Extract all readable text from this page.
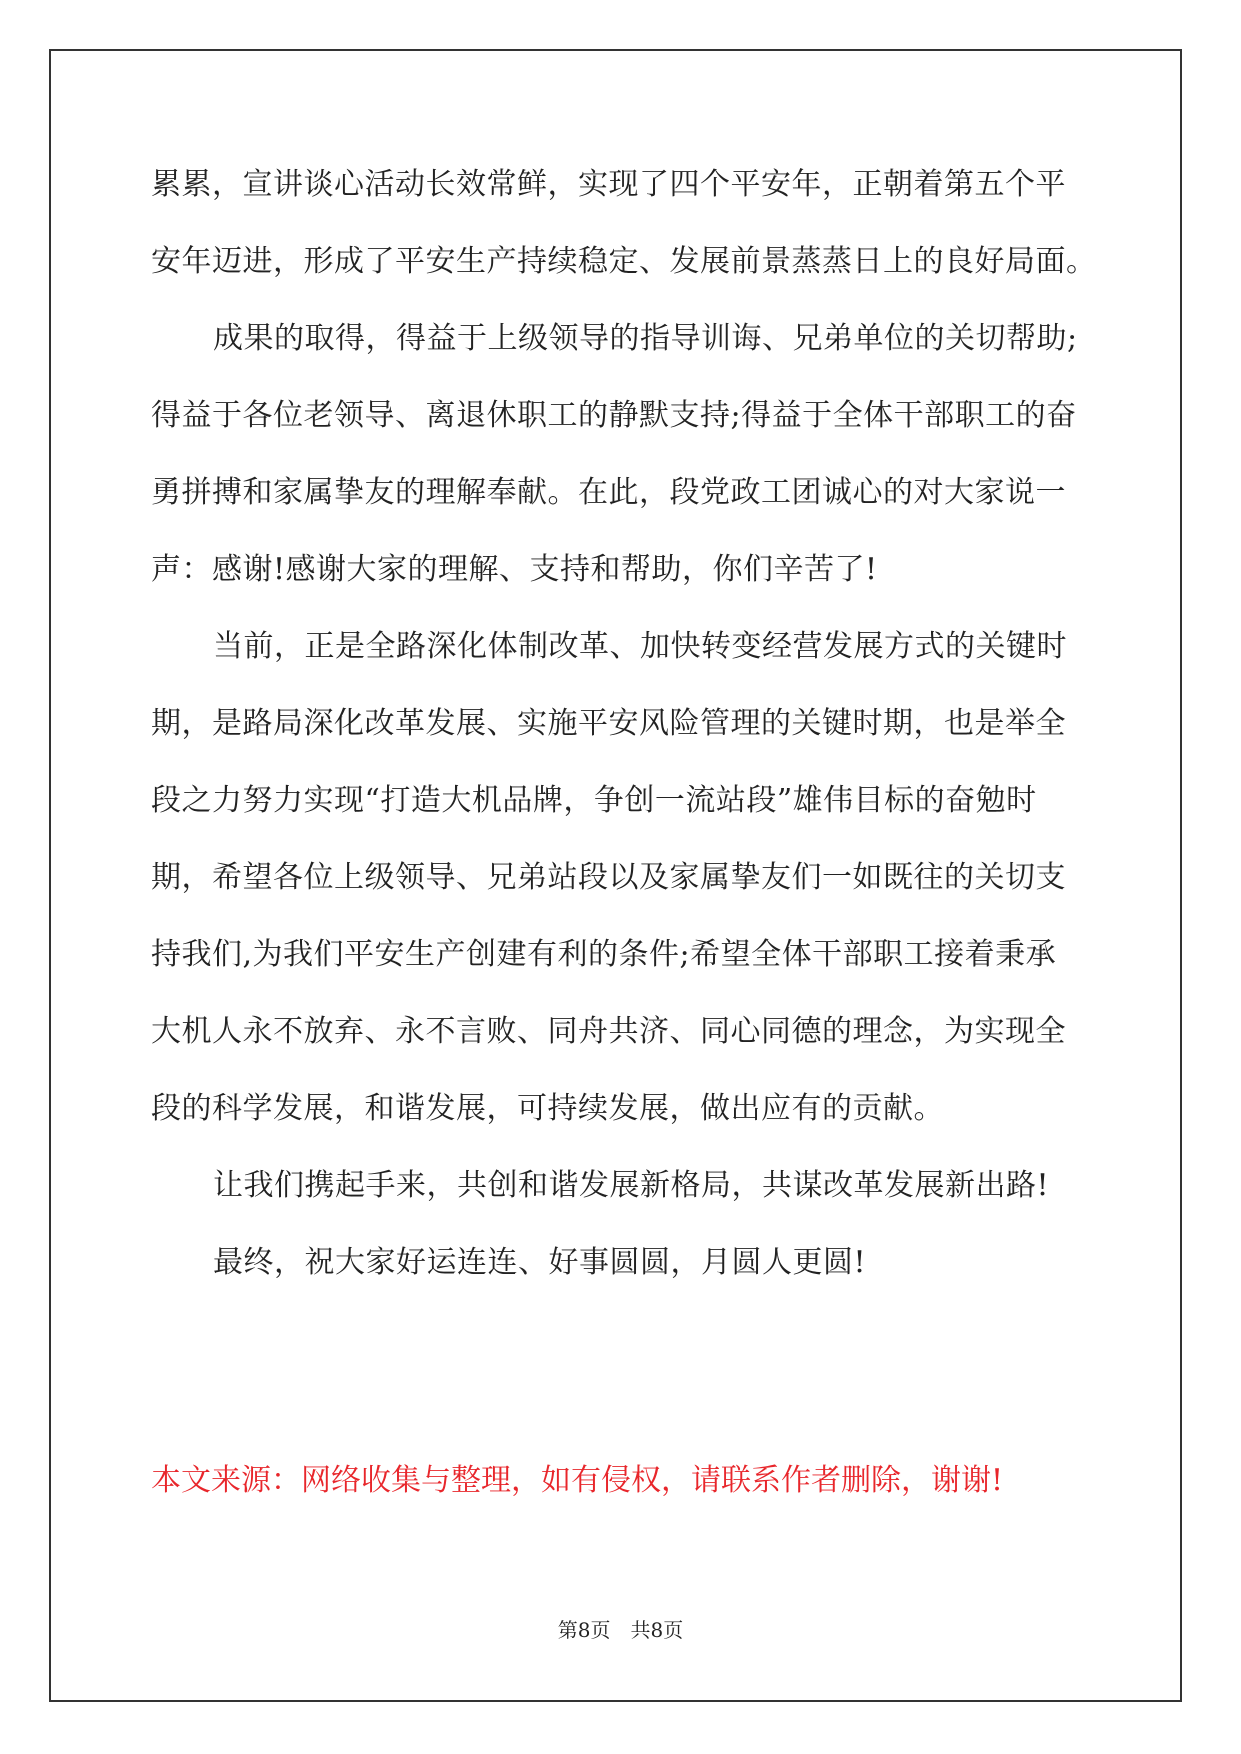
累累，宣讲谈心活动长效常鲜，实现了四个平安年，正朝着第五个平
安年迈进，形成了平安生产持续稳定、发展前景蒸蒸日上的良好局面。
成果的取得，得益于上级领导的指导训诲、兄弟单位的关切帮助;
得益于各位老领导、离退休职工的静默支持;得益于全体干部职工的奋
勇拼搏和家属挚友的理解奉献。在此，段党政工团诚心的对大家说一
声：感谢!感谢大家的理解、支持和帮助，你们辛苦了!
当前，正是全路深化体制改革、加快转变经营发展方式的关键时
期，是路局深化改革发展、实施平安风险管理的关键时期，也是举全
段之力努力实现“打造大机品牌，争创一流站段”雄伟目标的奋勉时
期，希望各位上级领导、兄弟站段以及家属挚友们一如既往的关切支
持我们,为我们平安生产创建有利的条件;希望全体干部职工接着秉承
大机人永不放弃、永不言败、同舟共济、同心同德的理念，为实现全
段的科学发展，和谐发展，可持续发展，做出应有的贡献。
让我们携起手来，共创和谐发展新格局，共谋改革发展新出路!
最终，祝大家好运连连、好事圆圆，月圆人更圆!
本文来源：网络收集与整理，如有侵权，请联系作者删除，谢谢!
第8页 共8页
